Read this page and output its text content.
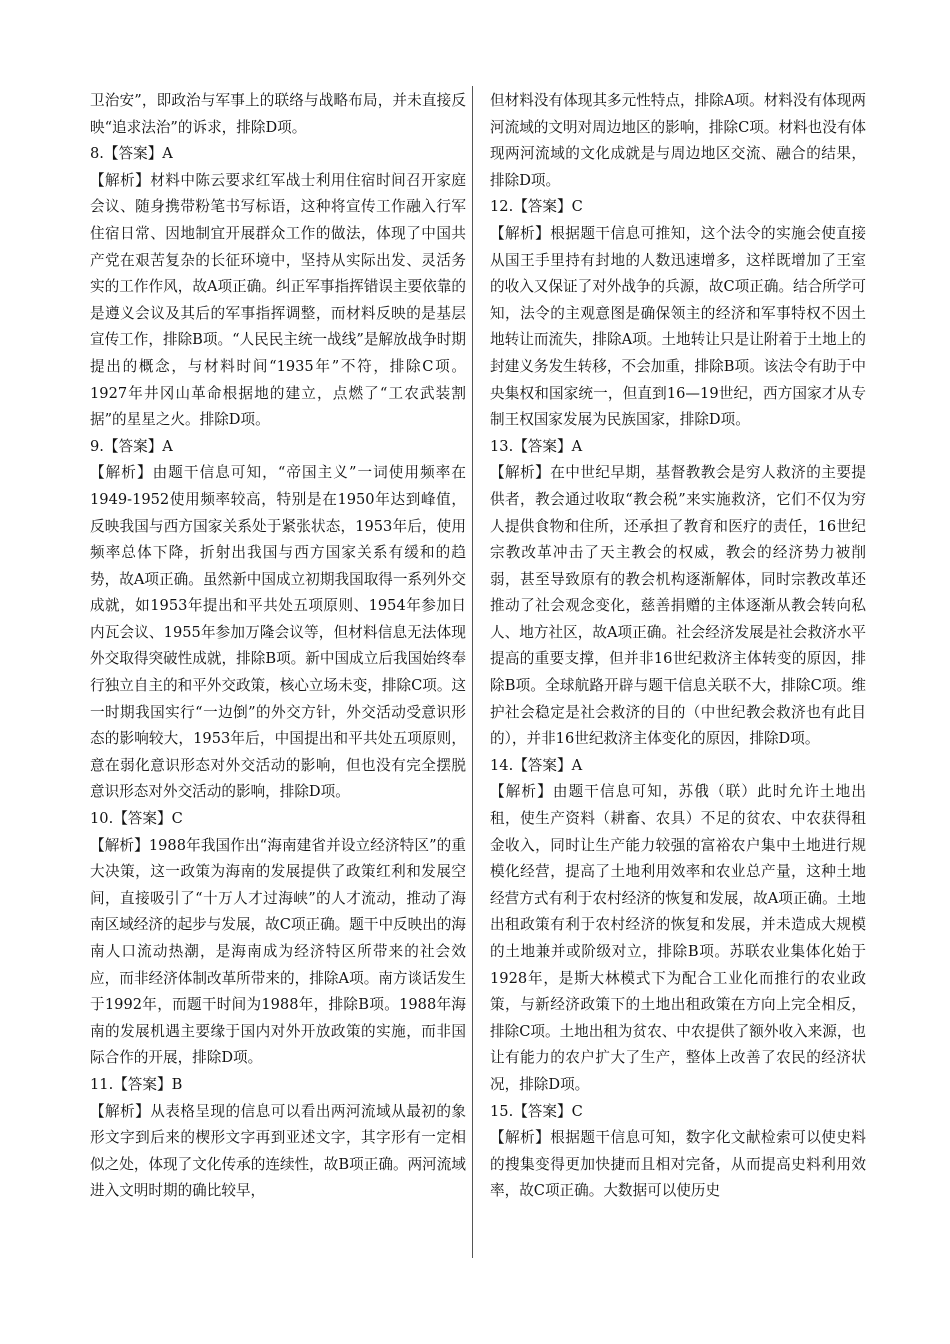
卫治安”，即政治与军事上的联络与战略布局，并未直接反映“追求法治”的诉求，排除D项。

8.【答案】A

【解析】材料中陈云要求红军战士利用住宿时间召开家庭会议、随身携带粉笔书写标语，这种将宣传工作融入行军住宿日常、因地制宜开展群众工作的做法，体现了中国共产党在艰苦复杂的长征环境中，坚持从实际出发、灵活务实的工作作风，故A项正确。纠正军事指挥错误主要依靠的是遵义会议及其后的军事指挥调整，而材料反映的是基层宣传工作，排除B项。“人民民主统一战线”是解放战争时期提出的概念，与材料时间“1935年”不符，排除C项。1927年井冈山革命根据地的建立，点燃了“工农武装割据”的星星之火。排除D项。

9.【答案】A

【解析】由题干信息可知，“帝国主义”一词使用频率在1949-1952使用频率较高，特别是在1950年达到峰值，反映我国与西方国家关系处于紧张状态，1953年后，使用频率总体下降，折射出我国与西方国家关系有缓和的趋势，故A项正确。虽然新中国成立初期我国取得一系列外交成就，如1953年提出和平共处五项原则、1954年参加日内瓦会议、1955年参加万隆会议等，但材料信息无法体现外交取得突破性成就，排除B项。新中国成立后我国始终奉行独立自主的和平外交政策，核心立场未变，排除C项。这一时期我国实行“一边倒”的外交方针，外交活动受意识形态的影响较大，1953年后，中国提出和平共处五项原则，意在弱化意识形态对外交活动的影响，但也没有完全摆脱意识形态对外交活动的影响，排除D项。

10.【答案】C

【解析】1988年我国作出“海南建省并设立经济特区”的重大决策，这一政策为海南的发展提供了政策红利和发展空间，直接吸引了“十万人才过海峡”的人才流动，推动了海南区域经济的起步与发展，故C项正确。题干中反映出的海南人口流动热潮，是海南成为经济特区所带来的社会效应，而非经济体制改革所带来的，排除A项。南方谈话发生于1992年，而题干时间为1988年，排除B项。1988年海南的发展机遇主要缘于国内对外开放政策的实施，而非国际合作的开展，排除D项。

11.【答案】B

【解析】从表格呈现的信息可以看出两河流域从最初的象形文字到后来的楔形文字再到亚述文字，其字形有一定相似之处，体现了文化传承的连续性，故B项正确。两河流域进入文明时期的确比较早，

但材料没有体现其多元性特点，排除A项。材料没有体现两河流域的文明对周边地区的影响，排除C项。材料也没有体现两河流域的文化成就是与周边地区交流、融合的结果，排除D项。

12.【答案】C

【解析】根据题干信息可推知，这个法令的实施会使直接从国王手里持有封地的人数迅速增多，这样既增加了王室的收入又保证了对外战争的兵源，故C项正确。结合所学可知，法令的主观意图是确保领主的经济和军事特权不因土地转让而流失，排除A项。土地转让只是让附着于土地上的封建义务发生转移，不会加重，排除B项。该法令有助于中央集权和国家统一，但直到16—19世纪，西方国家才从专制王权国家发展为民族国家，排除D项。

13.【答案】A

【解析】在中世纪早期，基督教教会是穷人救济的主要提供者，教会通过收取“教会税”来实施救济，它们不仅为穷人提供食物和住所，还承担了教育和医疗的责任，16世纪宗教改革冲击了天主教会的权威，教会的经济势力被削弱，甚至导致原有的教会机构逐渐解体，同时宗教改革还推动了社会观念变化，慈善捐赠的主体逐渐从教会转向私人、地方社区，故A项正确。社会经济发展是社会救济水平提高的重要支撑，但并非16世纪救济主体转变的原因，排除B项。全球航路开辟与题干信息关联不大，排除C项。维护社会稳定是社会救济的目的（中世纪教会救济也有此目的），并非16世纪救济主体变化的原因，排除D项。

14.【答案】A

【解析】由题干信息可知，苏俄（联）此时允许土地出租，使生产资料（耕畜、农具）不足的贫农、中农获得租金收入，同时让生产能力较强的富裕农户集中土地进行规模化经营，提高了土地利用效率和农业总产量，这种土地经营方式有利于农村经济的恢复和发展，故A项正确。土地出租政策有利于农村经济的恢复和发展，并未造成大规模的土地兼并或阶级对立，排除B项。苏联农业集体化始于1928年，是斯大林模式下为配合工业化而推行的农业政策，与新经济政策下的土地出租政策在方向上完全相反，排除C项。土地出租为贫农、中农提供了额外收入来源，也让有能力的农户扩大了生产，整体上改善了农民的经济状况，排除D项。

15.【答案】C

【解析】根据题干信息可知，数字化文献检索可以使史料的搜集变得更加快捷而且相对完备，从而提高史料利用效率，故C项正确。大数据可以使历史
